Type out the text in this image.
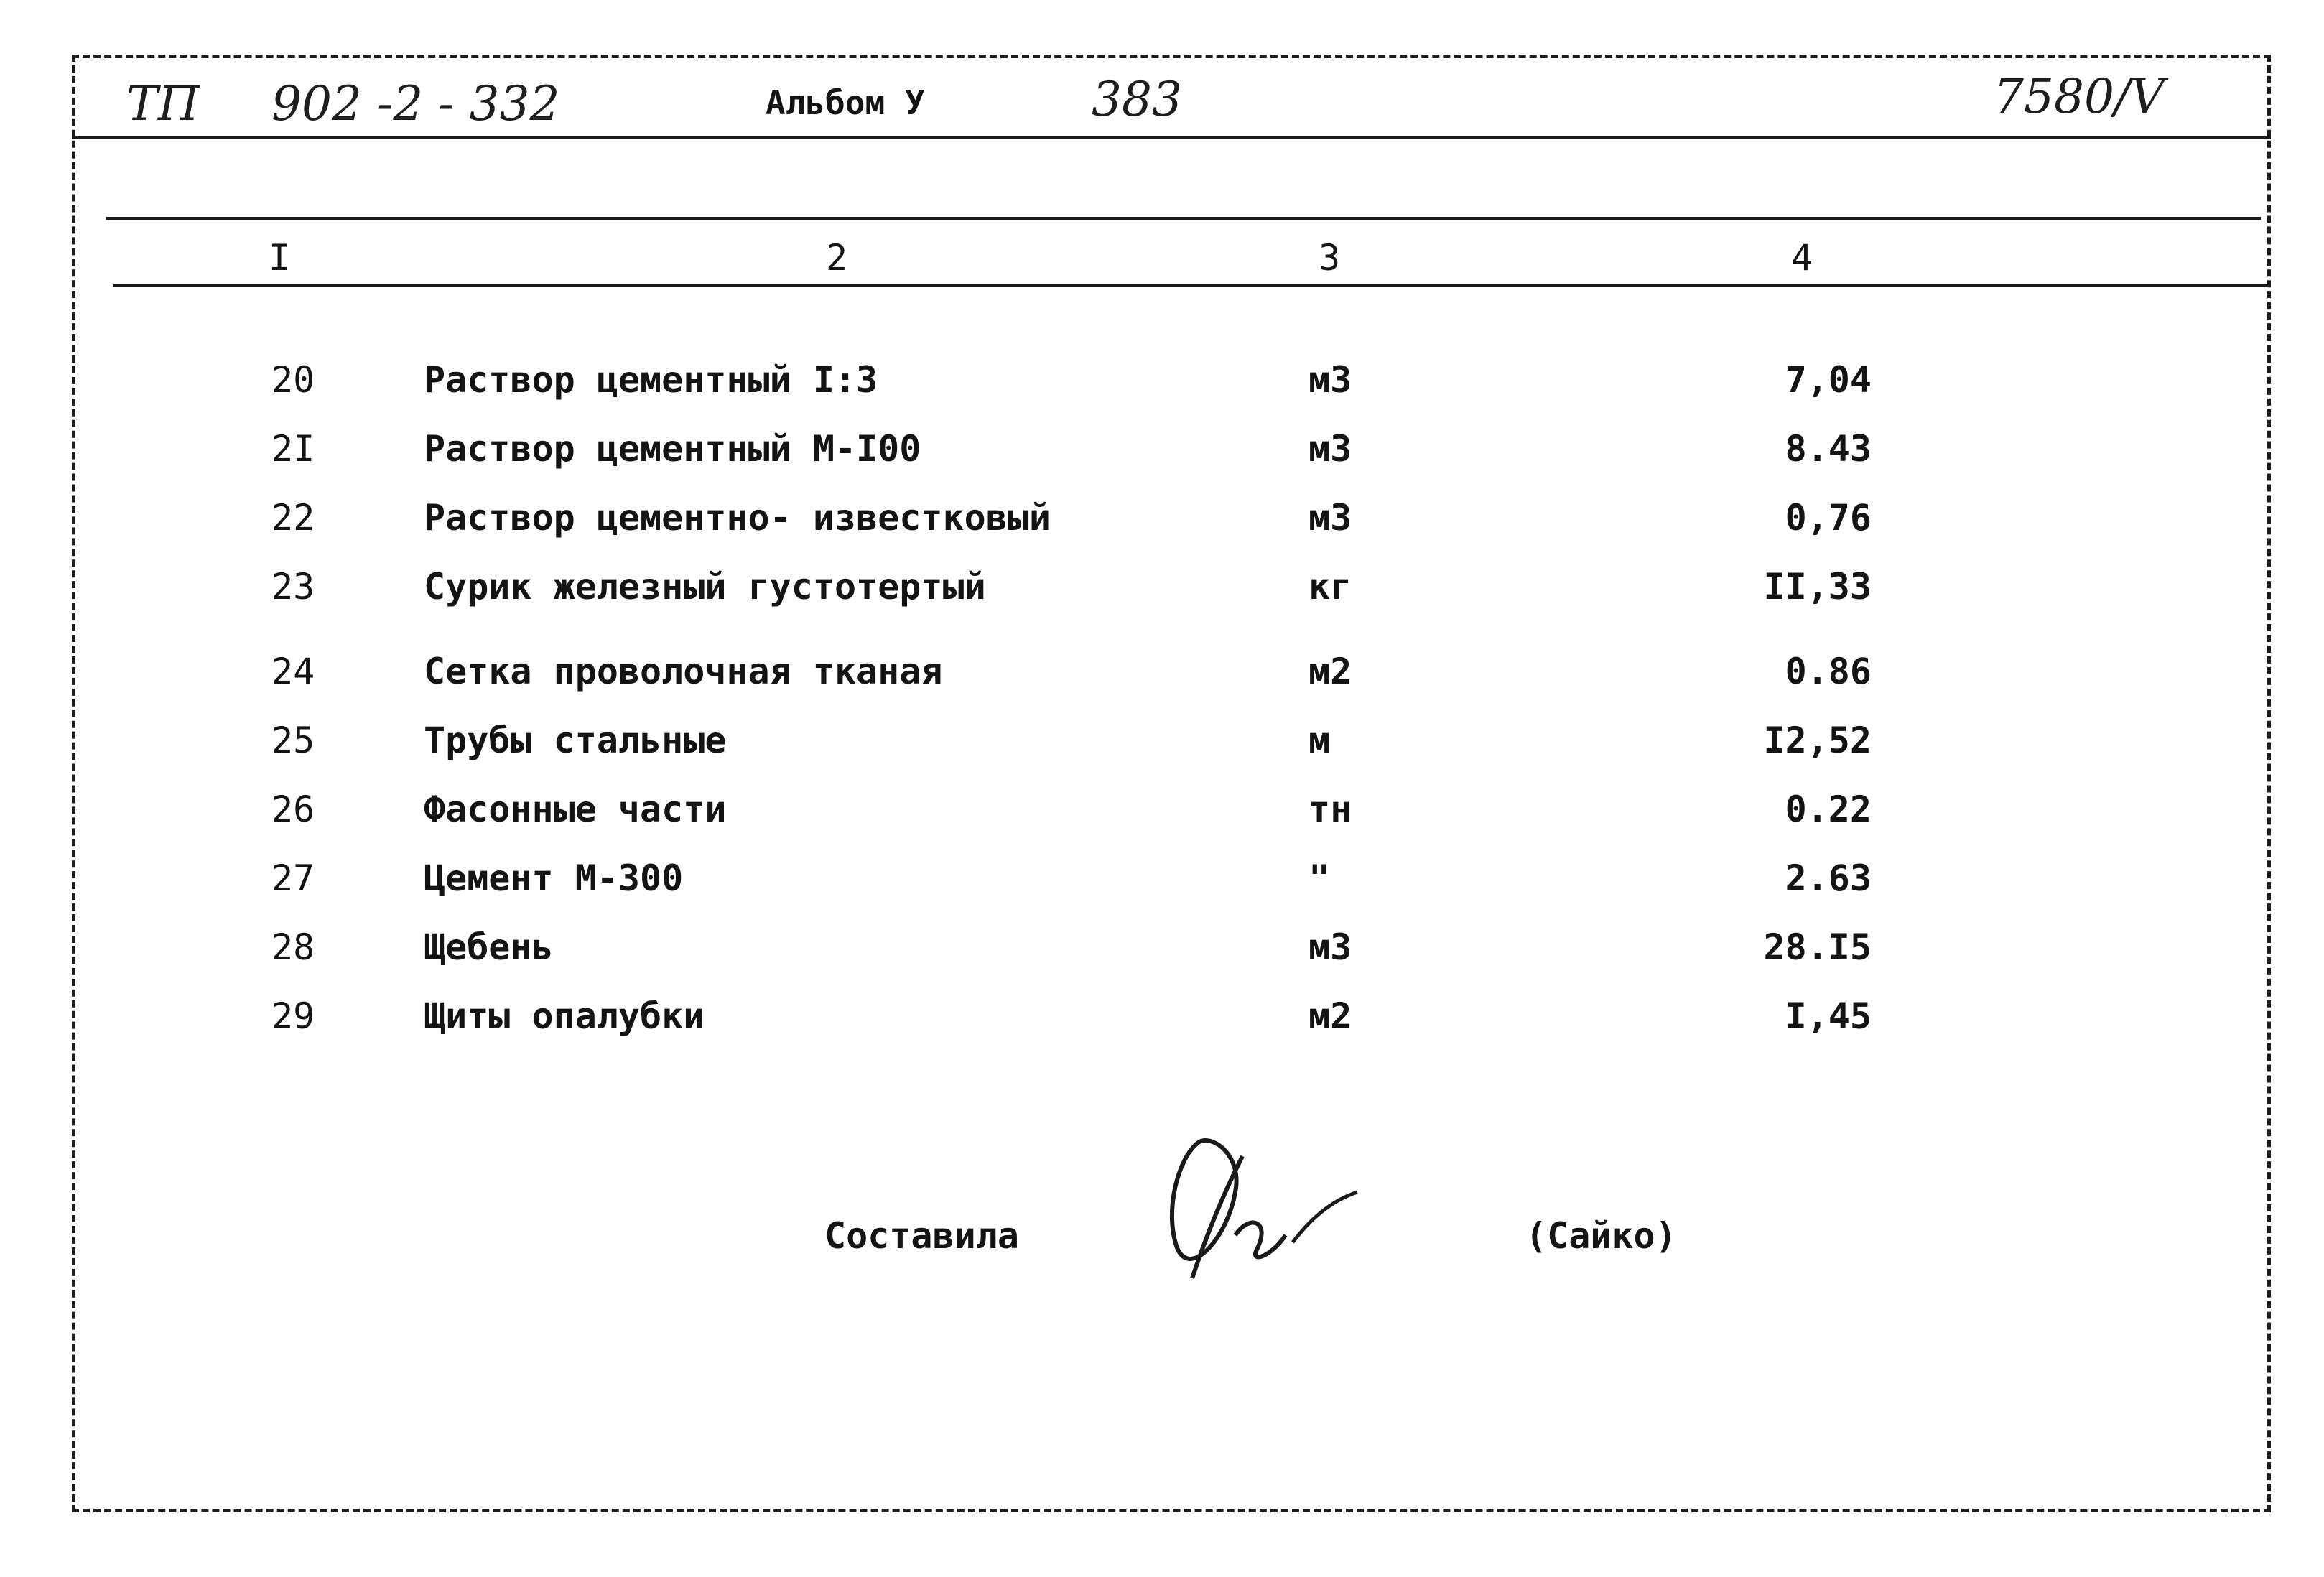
ТП 902 -2 - 332	Альбом У	383	7580/V
I	2	3	4
20	Раствор цементный I:3	м3	7,04
2I	Раствор цементный М-I00	м3	8.43
22	Раствор цементно- известковый	м3	0,76
23	Сурик железный густотертый	кг	II,33
24	Сетка проволочная тканая	м2	0.86
25	Трубы стальные	м	I2,52
26	Фасонные части	тн	0.22
27	Цемент М-300	"	2.63
28	Щебень	м3	28.I5
29	Щиты опалубки	м2	I,45
Составила	(Сайко)
